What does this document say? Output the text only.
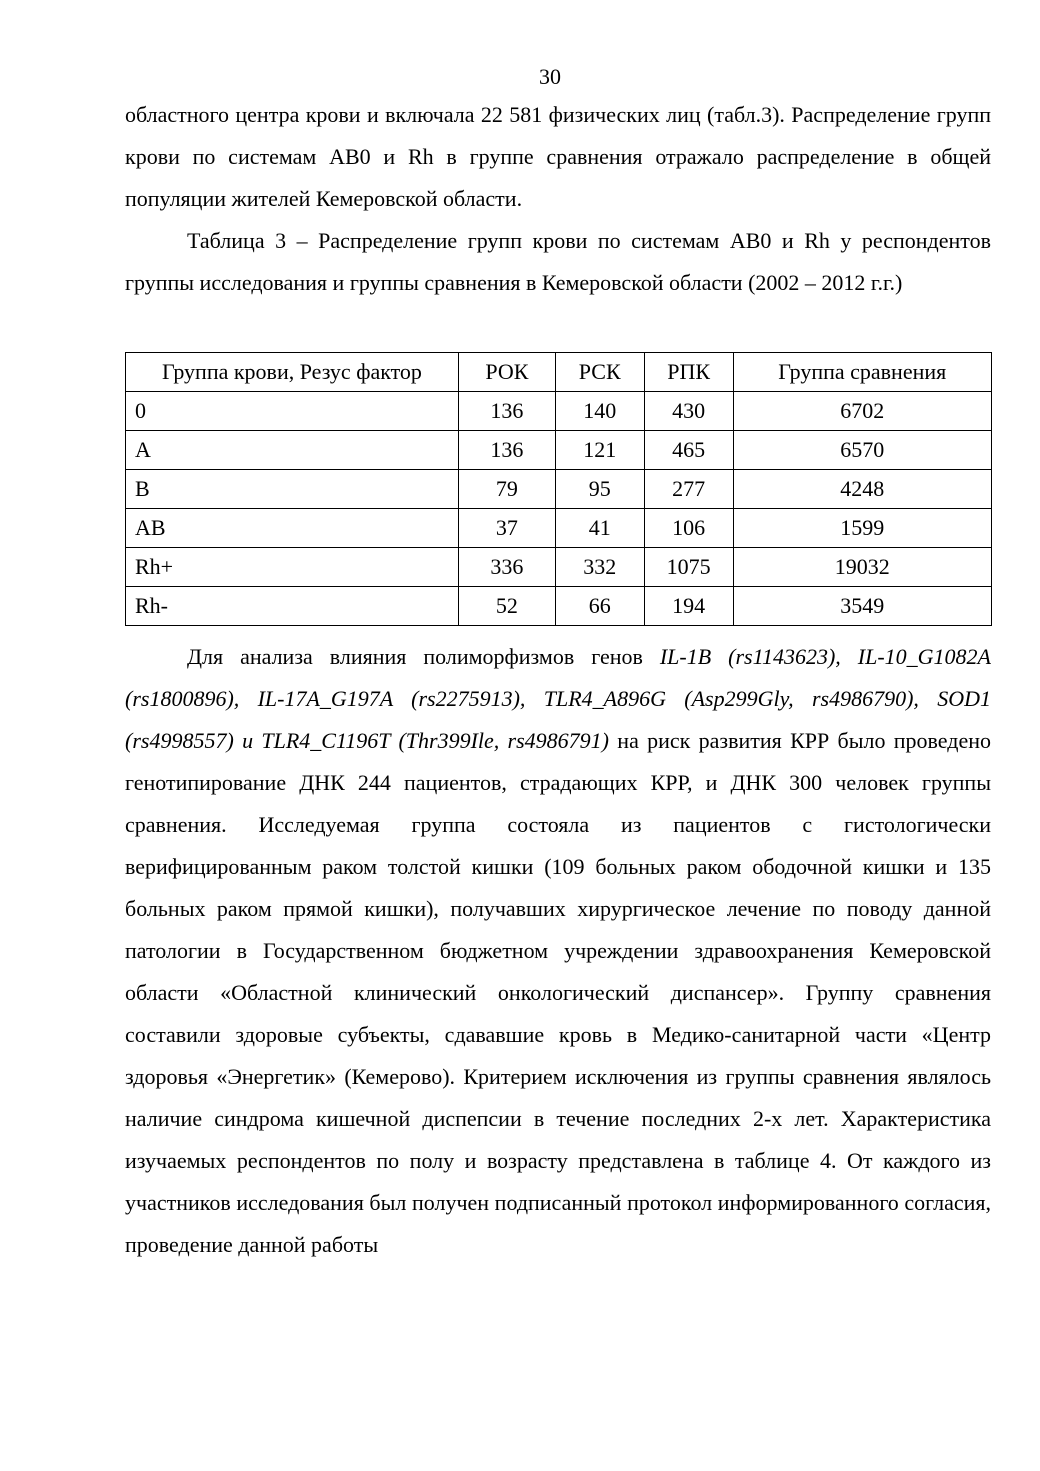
30

областного центра крови и включала 22 581 физических лиц (табл.3). Распределение групп крови по системам АВ0 и Rh в группе сравнения отражало распределение в общей популяции жителей Кемеровской области.

Таблица 3 – Распределение групп крови по системам АВ0 и Rh у респондентов группы исследования и группы сравнения в Кемеровской области (2002 – 2012 г.г.)

Группа крови, Резус фактор	РОК	РСК	РПК	Группа сравнения
0	136	140	430	6702
А	136	121	465	6570
В	79	95	277	4248
АВ	37	41	106	1599
Rh+	336	332	1075	19032
Rh-	52	66	194	3549

Для анализа влияния полиморфизмов генов IL-1B (rs1143623), IL-10_G1082A (rs1800896), IL-17A_G197A (rs2275913), TLR4_A896G (Asp299Gly, rs4986790), SOD1 (rs4998557) и TLR4_C1196T (Thr399Ile, rs4986791) на риск развития КРР было проведено генотипирование ДНК 244 пациентов, страдающих КРР, и ДНК 300 человек группы сравнения. Исследуемая группа состояла из пациентов с гистологически верифицированным раком толстой кишки (109 больных раком ободочной кишки и 135 больных раком прямой кишки), получавших хирургическое лечение по поводу данной патологии в Государственном бюджетном учреждении здравоохранения Кемеровской области «Областной клинический онкологический диспансер». Группу сравнения составили здоровые субъекты, сдававшие кровь в Медико-санитарной части «Центр здоровья «Энергетик» (Кемерово). Критерием исключения из группы сравнения являлось наличие синдрома кишечной диспепсии в течение последних 2-х лет. Характеристика изучаемых респондентов по полу и возрасту представлена в таблице 4. От каждого из участников исследования был получен подписанный протокол информированного согласия, проведение данной работы
